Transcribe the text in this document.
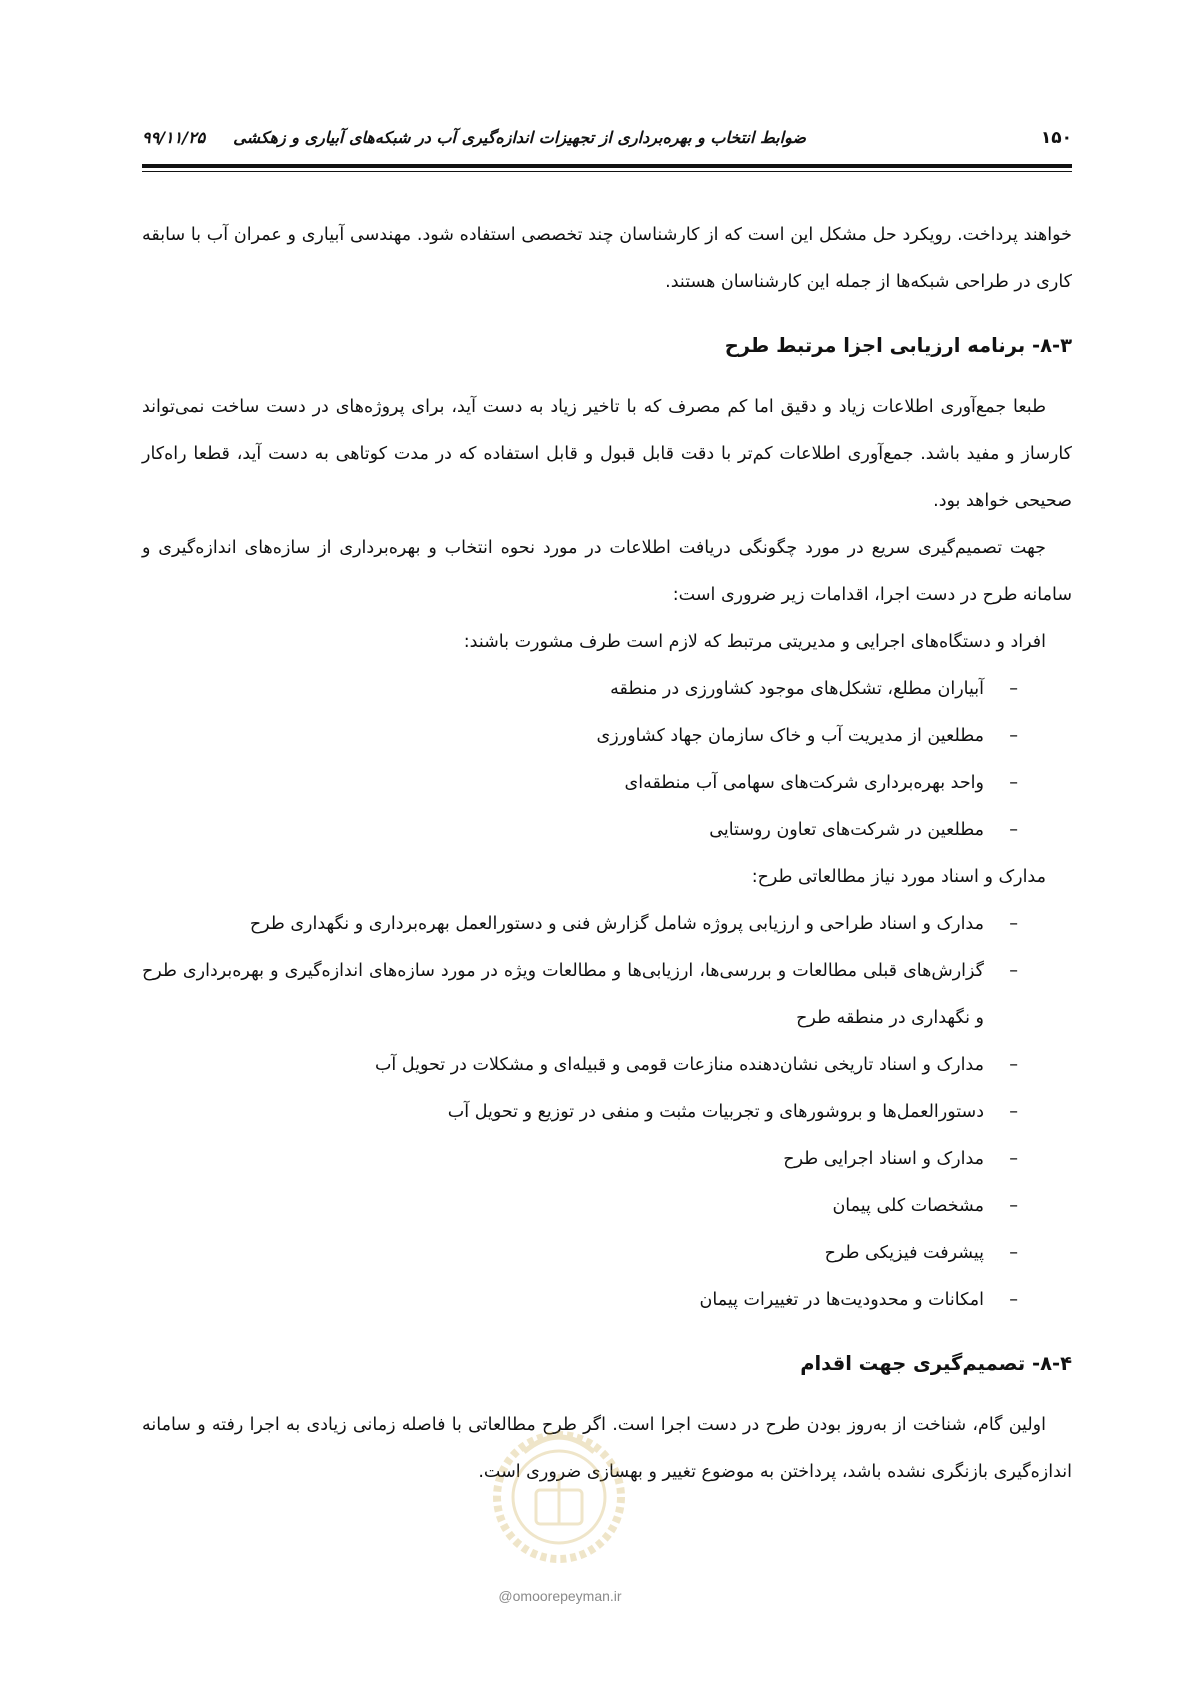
۱۵۰
ضوابط انتخاب و بهره‌برداری از تجهیزات اندازه‌گیری آب در شبکه‌های آبیاری و زهکشی     ۹۹/۱۱/۲۵

خواهند پرداخت. رویکرد حل مشکل این است که از کارشناسان چند تخصصی استفاده شود. مهندسی آبیاری و عمران آب با سابقه کاری در طراحی شبکه‌ها از جمله این کارشناسان هستند.

۸-۳- برنامه ارزیابی اجزا مرتبط طرح

طبعا جمع‌آوری اطلاعات زیاد و دقیق اما کم مصرف که با تاخیر زیاد به دست آید، برای پروژه‌های در دست ساخت نمی‌تواند کارساز و مفید باشد. جمع‌آوری اطلاعات کم‌تر با دقت قابل قبول و قابل استفاده که در مدت کوتاهی به دست آید، قطعا راه‌کار صحیحی خواهد بود.

جهت تصمیم‌گیری سریع در مورد چگونگی دریافت اطلاعات در مورد نحوه انتخاب و بهره‌برداری از سازه‌های اندازه‌گیری و سامانه طرح در دست اجرا، اقدامات زیر ضروری است:

افراد و دستگاه‌های اجرایی و مدیریتی مرتبط که لازم است طرف مشورت باشند:

–
آبیاران مطلع، تشکل‌های موجود کشاورزی در منطقه
–
مطلعین از مدیریت آب و خاک سازمان جهاد کشاورزی
–
واحد بهره‌برداری شرکت‌های سهامی آب منطقه‌ای
–
مطلعین در شرکت‌های تعاون روستایی

مدارک و اسناد مورد نیاز مطالعاتی طرح:

–
مدارک و اسناد طراحی و ارزیابی پروژه شامل گزارش فنی و دستورالعمل بهره‌برداری و نگهداری طرح
–
گزارش‌های قبلی مطالعات و بررسی‌ها، ارزیابی‌ها و مطالعات ویژه در مورد سازه‌های اندازه‌گیری و بهره‌برداری طرح و نگهداری در منطقه طرح
–
مدارک و اسناد تاریخی نشان‌دهنده منازعات قومی و قبیله‌ای و مشکلات در تحویل آب
–
دستورالعمل‌ها و بروشورهای و تجربیات مثبت و منفی در توزیع و تحویل آب
–
مدارک و اسناد اجرایی طرح
–
مشخصات کلی پیمان
–
پیشرفت فیزیکی طرح
–
امکانات و محدودیت‌ها در تغییرات پیمان
۸-۴- تصمیم‌گیری جهت اقدام

اولین گام، شناخت از به‌روز بودن طرح در دست اجرا است. اگر طرح مطالعاتی با فاصله زمانی زیادی به اجرا رفته و سامانه اندازه‌گیری بازنگری نشده باشد، پرداختن به موضوع تغییر و بهسازی ضروری است.

@omoorepeyman.ir
